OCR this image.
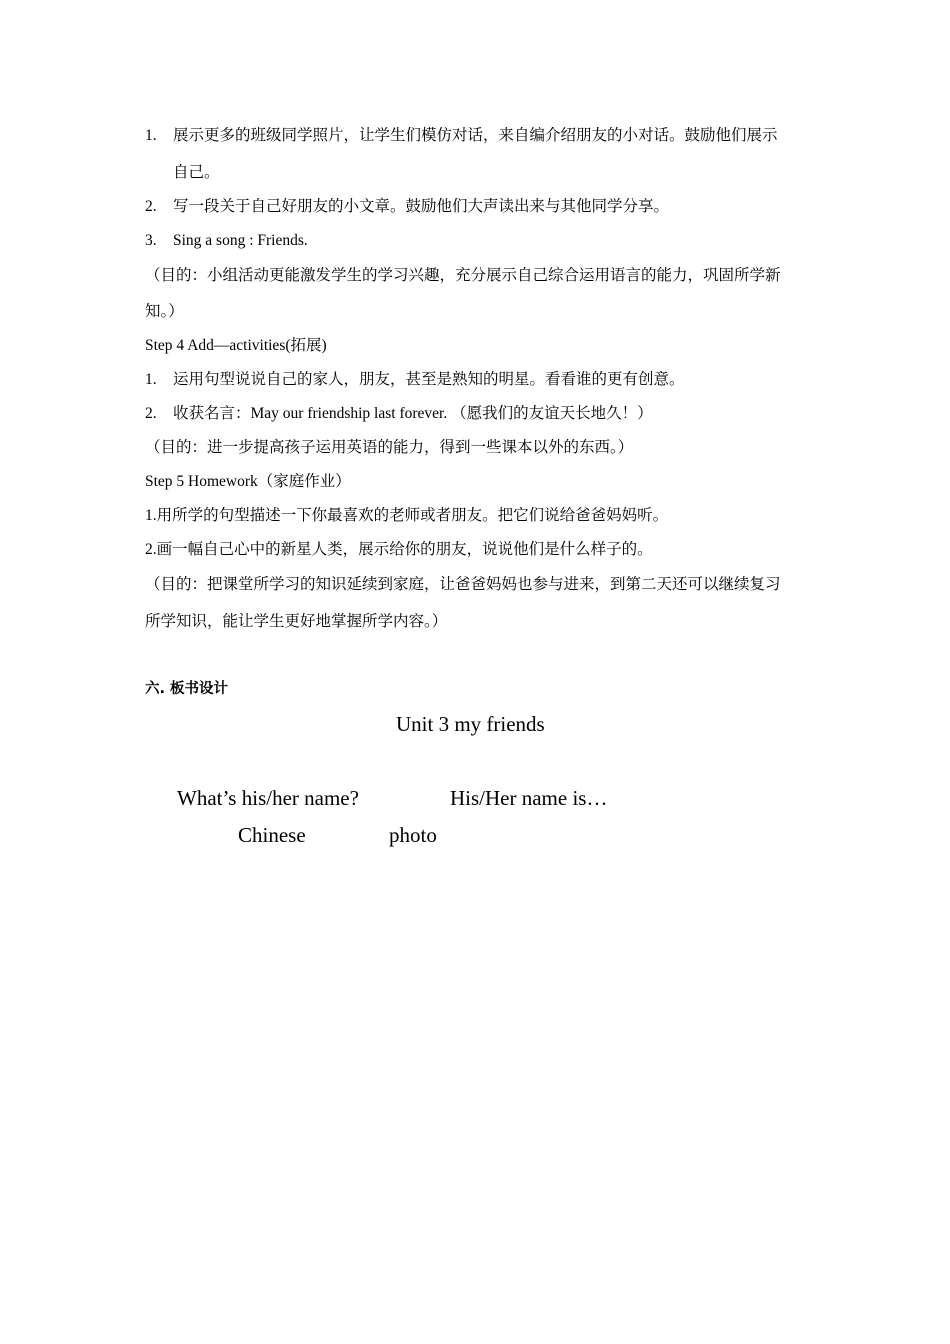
1. 展示更多的班级同学照片，让学生们模仿对话，来自编介绍朋友的小对话。鼓励他们展示
自己。
2. 写一段关于自己好朋友的小文章。鼓励他们大声读出来与其他同学分享。
3. Sing a song : Friends.
（目的：小组活动更能激发学生的学习兴趣，充分展示自己综合运用语言的能力，巩固所学新
知。）
Step 4 Add—activities(拓展)
1. 运用句型说说自己的家人，朋友，甚至是熟知的明星。看看谁的更有创意。
2. 收获名言：May our friendship last forever. （愿我们的友谊天长地久！）
（目的：进一步提高孩子运用英语的能力，得到一些课本以外的东西。）
Step 5 Homework（家庭作业）
1.用所学的句型描述一下你最喜欢的老师或者朋友。把它们说给爸爸妈妈听。
2.画一幅自己心中的新星人类，展示给你的朋友，说说他们是什么样子的。
（目的：把课堂所学习的知识延续到家庭，让爸爸妈妈也参与进来，到第二天还可以继续复习
所学知识，能让学生更好地掌握所学内容。）
六. 板书设计
Unit 3 my friends
What’s his/her name?	His/Her name is…
Chinese	photo
